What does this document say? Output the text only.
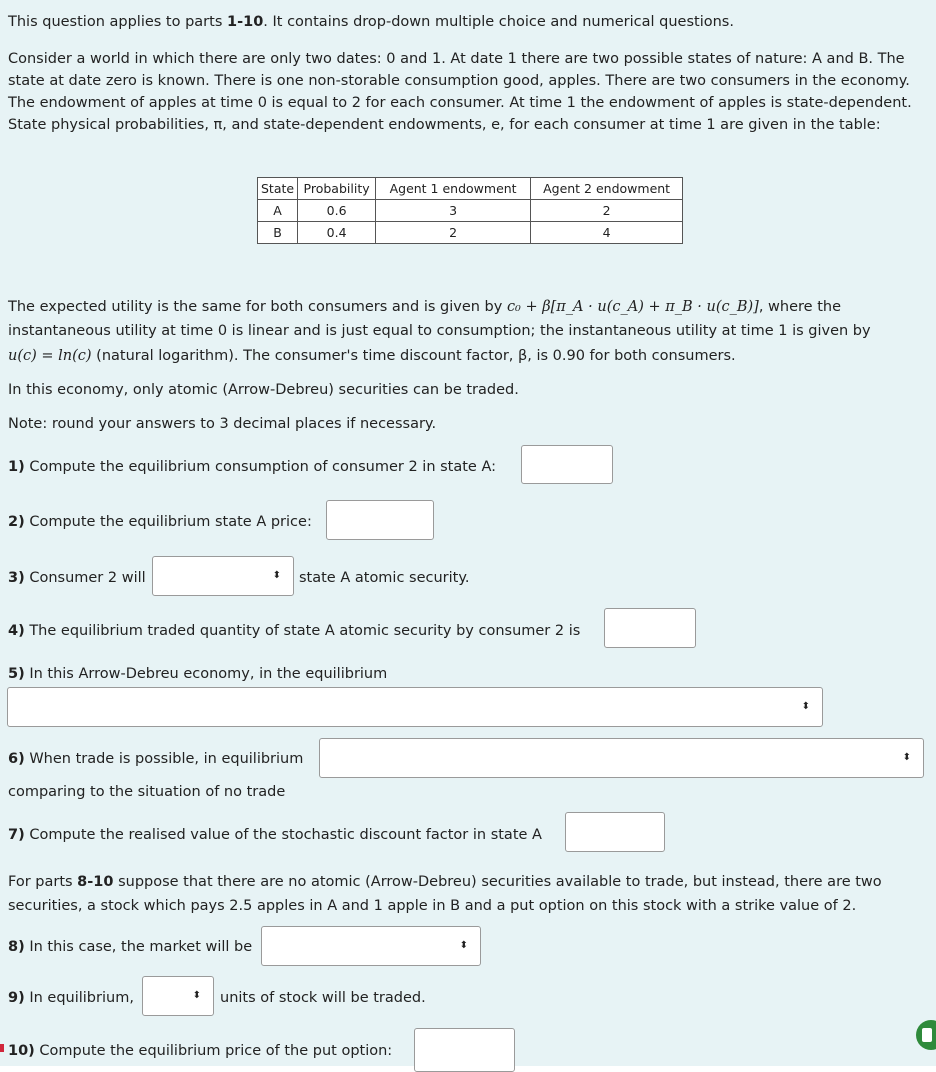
This question applies to parts 1-10. It contains drop-down multiple choice and numerical questions.
Consider a world in which there are only two dates: 0 and 1. At date 1 there are two possible states of nature: A and B. The state at date zero is known. There is one non-storable consumption good, apples. There are two consumers in the economy. The endowment of apples at time 0 is equal to 2 for each consumer. At time 1 the endowment of apples is state-dependent. State physical probabilities, π, and state-dependent endowments, e, for each consumer at time 1 are given in the table:
State	Probability	Agent 1 endowment	Agent 2 endowment
A	0.6	3	2
B	0.4	2	4
The expected utility is the same for both consumers and is given by c₀ + β[π_A · u(c_A) + π_B · u(c_B)], where the
instantaneous utility at time 0 is linear and is just equal to consumption; the instantaneous utility at time 1 is given by
u(c) = ln(c) (natural logarithm). The consumer's time discount factor, β, is 0.90 for both consumers.
In this economy, only atomic (Arrow-Debreu) securities can be traded.
Note: round your answers to 3 decimal places if necessary.
1) Compute the equilibrium consumption of consumer 2 in state A:
2) Compute the equilibrium state A price:
3) Consumer 2 will	⬍ state A atomic security.
4) The equilibrium traded quantity of state A atomic security by consumer 2 is
5) In this Arrow-Debreu economy, in the equilibrium
⬍
6) When trade is possible, in equilibrium	⬍
comparing to the situation of no trade
7) Compute the realised value of the stochastic discount factor in state A
For parts 8-10 suppose that there are no atomic (Arrow-Debreu) securities available to trade, but instead, there are two
securities, a stock which pays 2.5 apples in A and 1 apple in B and a put option on this stock with a strike value of 2.
8) In this case, the market will be	⬍
9) In equilibrium,	⬍ units of stock will be traded.
10) Compute the equilibrium price of the put option:
